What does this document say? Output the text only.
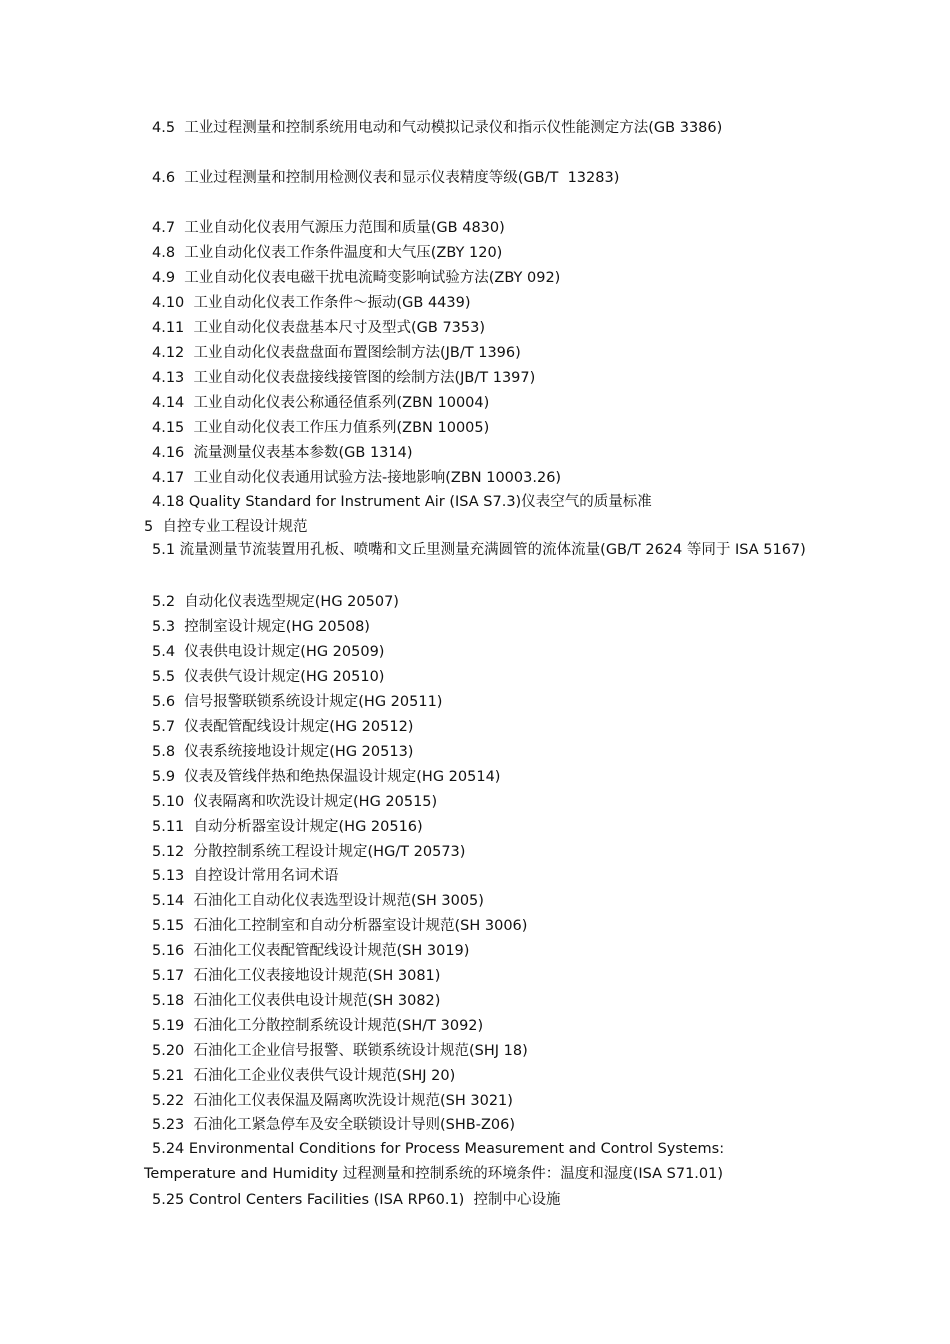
4.5  工业过程测量和控制系统用电动和气动模拟记录仪和指示仪性能测定方法(GB 3386)
4.6  工业过程测量和控制用检测仪表和显示仪表精度等级(GB/T  13283)
4.7  工业自动化仪表用气源压力范围和质量(GB 4830)
4.8  工业自动化仪表工作条件温度和大气压(ZBY 120)
4.9  工业自动化仪表电磁干扰电流畸变影响试验方法(ZBY 092)
4.10  工业自动化仪表工作条件～振动(GB 4439)
4.11  工业自动化仪表盘基本尺寸及型式(GB 7353)
4.12  工业自动化仪表盘盘面布置图绘制方法(JB/T 1396)
4.13  工业自动化仪表盘接线接管图的绘制方法(JB/T 1397)
4.14  工业自动化仪表公称通径值系列(ZBN 10004)
4.15  工业自动化仪表工作压力值系列(ZBN 10005)
4.16  流量测量仪表基本参数(GB 1314)
4.17  工业自动化仪表通用试验方法-接地影响(ZBN 10003.26)
4.18 Quality Standard for Instrument Air (ISA S7.3)仪表空气的质量标准
5  自控专业工程设计规范
5.1 流量测量节流装置用孔板、喷嘴和文丘里测量充满圆管的流体流量(GB/T 2624 等同于 ISA 5167)
5.2  自动化仪表选型规定(HG 20507)
5.3  控制室设计规定(HG 20508)
5.4  仪表供电设计规定(HG 20509)
5.5  仪表供气设计规定(HG 20510)
5.6  信号报警联锁系统设计规定(HG 20511)
5.7  仪表配管配线设计规定(HG 20512)
5.8  仪表系统接地设计规定(HG 20513)
5.9  仪表及管线伴热和绝热保温设计规定(HG 20514)
5.10  仪表隔离和吹洗设计规定(HG 20515)
5.11  自动分析器室设计规定(HG 20516)
5.12  分散控制系统工程设计规定(HG/T 20573)
5.13  自控设计常用名词术语
5.14  石油化工自动化仪表选型设计规范(SH 3005)
5.15  石油化工控制室和自动分析器室设计规范(SH 3006)
5.16  石油化工仪表配管配线设计规范(SH 3019)
5.17  石油化工仪表接地设计规范(SH 3081)
5.18  石油化工仪表供电设计规范(SH 3082)
5.19  石油化工分散控制系统设计规范(SH/T 3092)
5.20  石油化工企业信号报警、联锁系统设计规范(SHJ 18)
5.21  石油化工企业仪表供气设计规范(SHJ 20)
5.22  石油化工仪表保温及隔离吹洗设计规范(SH 3021)
5.23  石油化工紧急停车及安全联锁设计导则(SHB-Z06)
5.24 Environmental Conditions for Process Measurement and Control Systems: Temperature and Humidity 过程测量和控制系统的环境条件：温度和湿度(ISA S71.01)
5.25 Control Centers Facilities (ISA RP60.1)  控制中心设施
